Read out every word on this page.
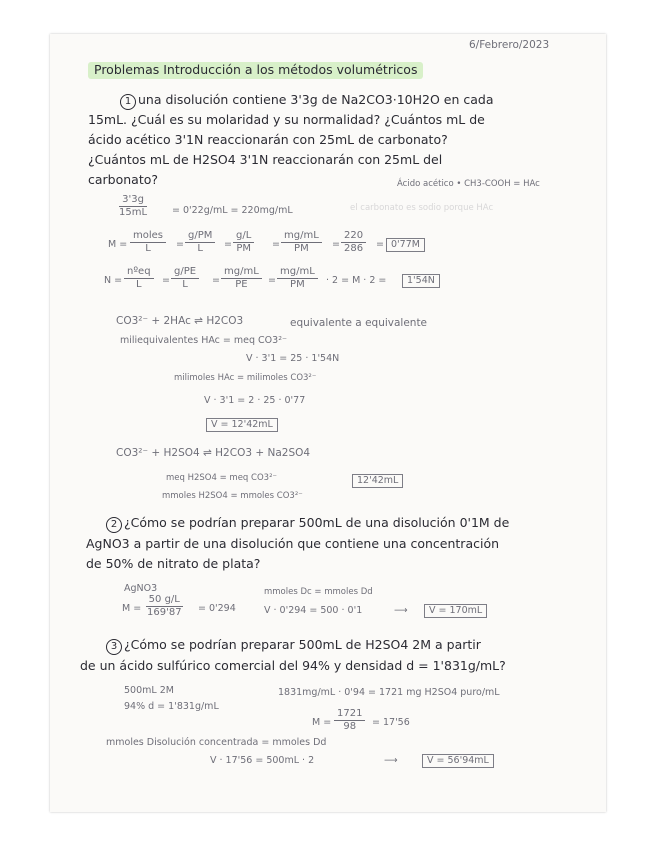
6/Febrero/2023
Problemas Introducción a los métodos volumétricos
1 una disolución contiene 3'3g de Na2CO3·10H2O en cada
15mL. ¿Cuál es su molaridad y su normalidad? ¿Cuántos mL de
ácido acético 3'1N reaccionarán con 25mL de carbonato?
¿Cuántos mL de H2SO4 3'1N reaccionarán con 25mL del
carbonato?	Ácido acético • CH3-COOH = HAc
el carbonato es sodio porque HAc
$\frac{3'3g}{15mL} = 0'22g/mL = 220mg/mL$
M =
moles
L	= $\frac{g/PM}{L} = \frac{g/L}{PM} = \frac{mg/mL}{PM} = \frac{220}{286} = 0'77M$
N =
nºeq
L	= $\frac{g/PE}{L} = \frac{mg/mL}{PE} = \frac{mg/mL}{PM} \cdot 2 = M \cdot 2$ =	1'54N
CO3²⁻ + 2HAc ⇌ H2CO3	equivalente a equivalente
miliequivalentes HAc = meq CO3²⁻
V · 3'1 = 25 · 1'54N
milimoles HAc = milimoles CO3²⁻
V · 3'1 = 2 · 25 · 0'77
V = 12'42mL
CO3²⁻ + H2SO4 ⇌ H2CO3 + Na2SO4
meq H2SO4 = meq CO3²⁻
mmoles H2SO4 = mmoles CO3²⁻
12'42mL
2 ¿Cómo se podrían preparar 500mL de una disolución 0'1M de
AgNO3 a partir de una disolución que contiene una concentración
de 50% de nitrato de plata?
AgNO3
$M = \frac{50 g/L}{169'87} = 0'294$
mmoles Dc = mmoles Dd
V · 0'294 = 500 · 0'1	⟶	V = 170mL
3 ¿Cómo se podrían preparar 500mL de H2SO4 2M a partir
de un ácido sulfúrico comercial del 94% y densidad d = 1'831g/mL?
500mL 2M
94% d = 1'831g/mL
1831mg/mL · 0'94 = 1721 mg H2SO4 puro/mL
$M = \frac{1721}{98} = 17'56$
mmoles Disolución concentrada = mmoles Dd
V · 17'56 = 500mL · 2	⟶	V = 56'94mL
